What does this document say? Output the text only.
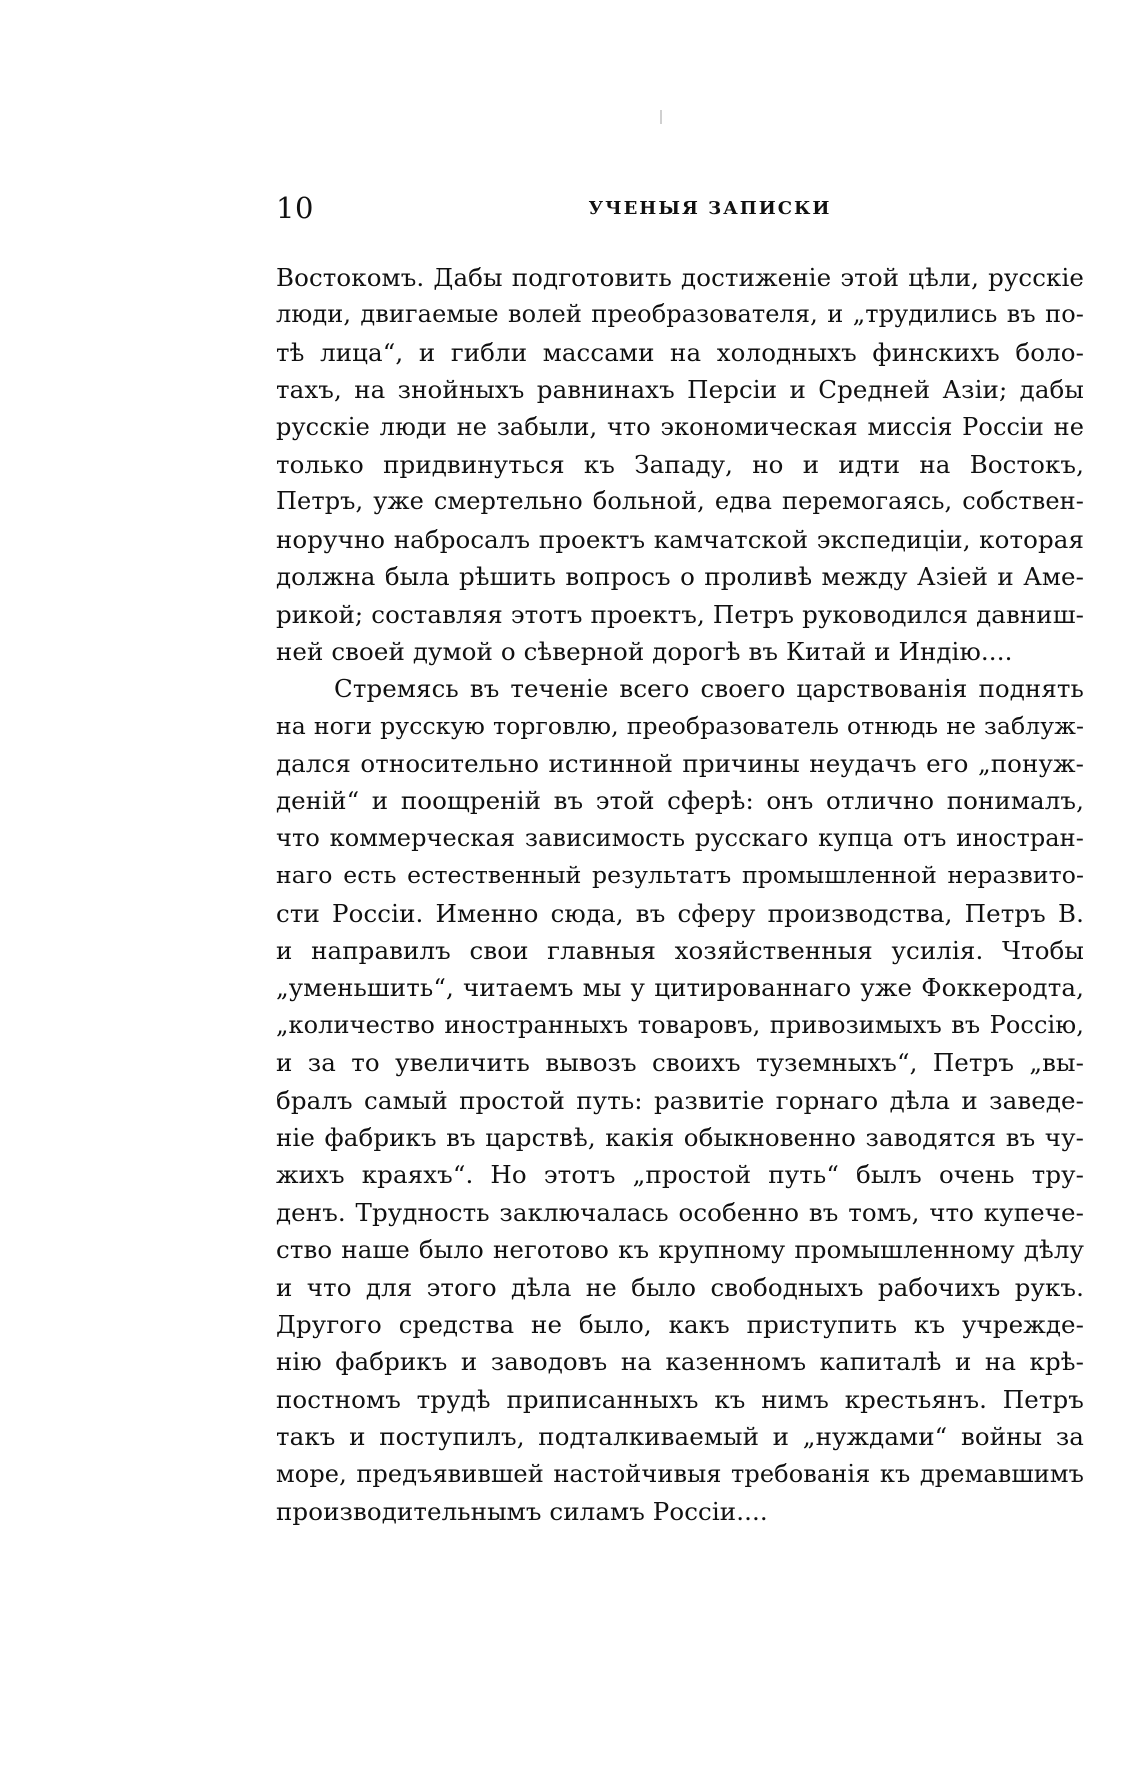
10	УЧЕНЫЯ ЗАПИСКИ
Востокомъ. Дабы подготовить достиженіе этой цѣли, русскіе
люди, двигаемые волей преобразователя, и „трудились въ по-
тѣ лица“, и гибли массами на холодныхъ финскихъ боло-
тахъ, на знойныхъ равнинахъ Персіи и Средней Азіи; дабы
русскіе люди не забыли, что экономическая миссія Россіи не
только придвинуться къ Западу, но и идти на Востокъ,
Петръ, уже смертельно больной, едва перемогаясь, собствен-
норучно набросалъ проектъ камчатской экспедиціи, которая
должна была рѣшить вопросъ о проливѣ между Азіей и Аме-
рикой; составляя этотъ проектъ, Петръ руководился давниш-
ней своей думой о сѣверной дорогѣ въ Китай и Индію....
Стремясь въ теченіе всего своего царствованія поднять
на ноги русскую торговлю, преобразователь отнюдь не заблуж-
дался относительно истинной причины неудачъ его „понуж-
деній“ и поощреній въ этой сферѣ: онъ отлично понималъ,
что коммерческая зависимость русскаго купца отъ иностран-
наго есть естественный результатъ промышленной неразвито-
сти Россіи. Именно сюда, въ сферу производства, Петръ В.
и направилъ свои главныя хозяйственныя усилія. Чтобы
„уменьшить“, читаемъ мы у цитированнаго уже Фоккеродта,
„количество иностранныхъ товаровъ, привозимыхъ въ Россію,
и за то увеличить вывозъ своихъ туземныхъ“, Петръ „вы-
бралъ самый простой путь: развитіе горнаго дѣла и заведе-
ніе фабрикъ въ царствѣ, какія обыкновенно заводятся въ чу-
жихъ краяхъ“. Но этотъ „простой путь“ былъ очень тру-
денъ. Трудность заключалась особенно въ томъ, что купече-
ство наше было неготово къ крупному промышленному дѣлу
и что для этого дѣла не было свободныхъ рабочихъ рукъ.
Другого средства не было, какъ приступить къ учрежде-
нію фабрикъ и заводовъ на казенномъ капиталѣ и на крѣ-
постномъ трудѣ приписанныхъ къ нимъ крестьянъ. Петръ
такъ и поступилъ, подталкиваемый и „нуждами“ войны за
море, предъявившей настойчивыя требованія къ дремавшимъ
производительнымъ силамъ Россіи....
